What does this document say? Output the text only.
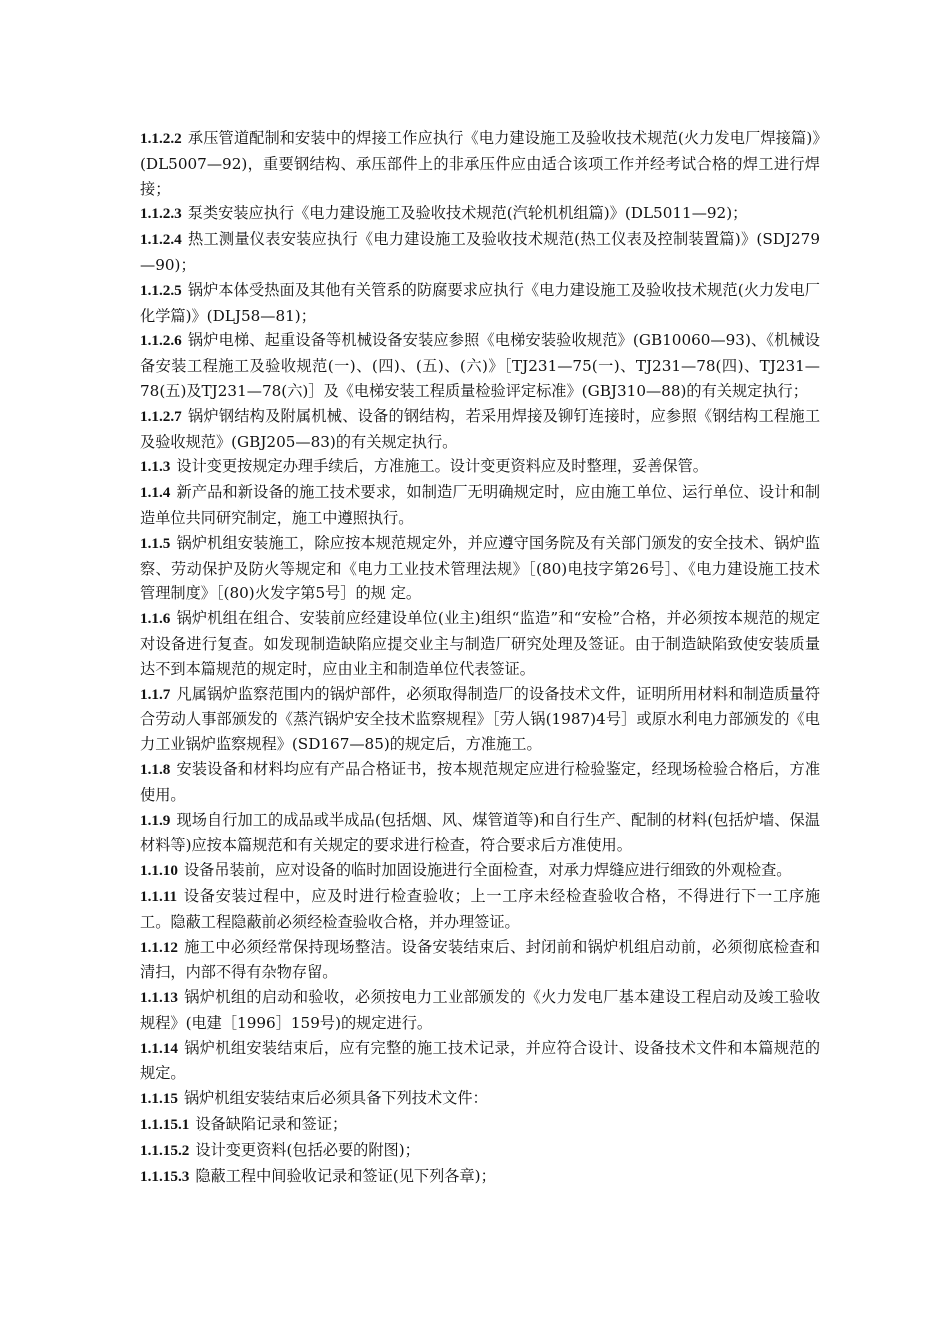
1.1.2.2 承压管道配制和安装中的焊接工作应执行《电力建设施工及验收技术规范(火力发电厂焊接篇)》(DL5007—92)，重要钢结构、承压部件上的非承压件应由适合该项工作并经考试合格的焊工进行焊接；

1.1.2.3 泵类安装应执行《电力建设施工及验收技术规范(汽轮机机组篇)》(DL5011—92)；

1.1.2.4 热工测量仪表安装应执行《电力建设施工及验收技术规范(热工仪表及控制装置篇)》(SDJ279—90)；

1.1.2.5 锅炉本体受热面及其他有关管系的防腐要求应执行《电力建设施工及验收技术规范(火力发电厂化学篇)》(DLJ58—81)；

1.1.2.6 锅炉电梯、起重设备等机械设备安装应参照《电梯安装验收规范》(GB10060—93)、《机械设备安装工程施工及验收规范(一)、(四)、(五)、(六)》［TJ231—75(一)、TJ231—78(四)、TJ231—78(五)及TJ231—78(六)］及《电梯安装工程质量检验评定标准》(GBJ310—88)的有关规定执行；

1.1.2.7 锅炉钢结构及附属机械、设备的钢结构，若采用焊接及铆钉连接时，应参照《钢结构工程施工及验收规范》(GBJ205—83)的有关规定执行。

1.1.3 设计变更按规定办理手续后，方准施工。设计变更资料应及时整理，妥善保管。

1.1.4 新产品和新设备的施工技术要求，如制造厂无明确规定时，应由施工单位、运行单位、设计和制造单位共同研究制定，施工中遵照执行。

1.1.5 锅炉机组安装施工，除应按本规范规定外，并应遵守国务院及有关部门颁发的安全技术、锅炉监察、劳动保护及防火等规定和《电力工业技术管理法规》［(80)电技字第26号］、《电力建设施工技术管理制度》［(80)火发字第5号］的规 定。

1.1.6 锅炉机组在组合、安装前应经建设单位(业主)组织“监造”和“安检”合格，并必须按本规范的规定对设备进行复查。如发现制造缺陷应提交业主与制造厂研究处理及签证。由于制造缺陷致使安装质量达不到本篇规范的规定时，应由业主和制造单位代表签证。

1.1.7 凡属锅炉监察范围内的锅炉部件，必须取得制造厂的设备技术文件，证明所用材料和制造质量符合劳动人事部颁发的《蒸汽锅炉安全技术监察规程》［劳人锅(1987)4号］或原水利电力部颁发的《电力工业锅炉监察规程》(SD167—85)的规定后，方准施工。

1.1.8 安装设备和材料均应有产品合格证书，按本规范规定应进行检验鉴定，经现场检验合格后，方准使用。

1.1.9 现场自行加工的成品或半成品(包括烟、风、煤管道等)和自行生产、配制的材料(包括炉墙、保温材料等)应按本篇规范和有关规定的要求进行检查，符合要求后方准使用。

1.1.10 设备吊装前，应对设备的临时加固设施进行全面检查，对承力焊缝应进行细致的外观检查。

1.1.11 设备安装过程中，应及时进行检查验收；上一工序未经检查验收合格，不得进行下一工序施工。隐蔽工程隐蔽前必须经检查验收合格，并办理签证。

1.1.12 施工中必须经常保持现场整洁。设备安装结束后、封闭前和锅炉机组启动前，必须彻底检查和清扫，内部不得有杂物存留。

1.1.13 锅炉机组的启动和验收，必须按电力工业部颁发的《火力发电厂基本建设工程启动及竣工验收规程》(电建［1996］159号)的规定进行。

1.1.14 锅炉机组安装结束后，应有完整的施工技术记录，并应符合设计、设备技术文件和本篇规范的规定。

1.1.15 锅炉机组安装结束后必须具备下列技术文件：

1.1.15.1 设备缺陷记录和签证；

1.1.15.2 设计变更资料(包括必要的附图)；

1.1.15.3 隐蔽工程中间验收记录和签证(见下列各章)；
